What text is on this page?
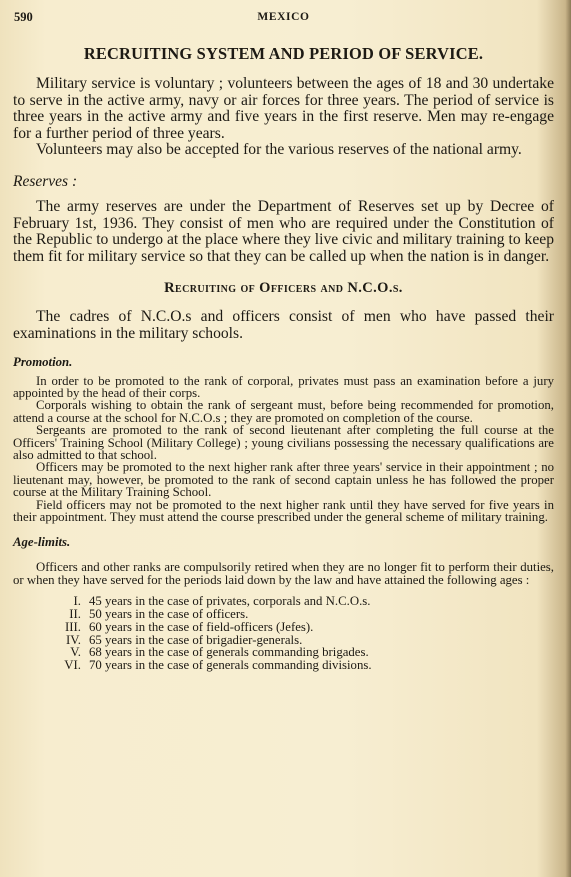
590	MEXICO
RECRUITING SYSTEM AND PERIOD OF SERVICE.

Military service is voluntary ; volunteers between the ages of 18 and 30 undertake to serve in the active army, navy or air forces for three years. The period of service is three years in the active army and five years in the first reserve. Men may re-engage for a further period of three years.

Volunteers may also be accepted for the various reserves of the national army.

Reserves :

The army reserves are under the Department of Reserves set up by Decree of February 1st, 1936. They consist of men who are required under the Constitution of the Republic to undergo at the place where they live civic and military training to keep them fit for military service so that they can be called up when the nation is in danger.

Recruiting of Officers and N.C.O.s.

The cadres of N.C.O.s and officers consist of men who have passed their examinations in the military schools.

Promotion.

In order to be promoted to the rank of corporal, privates must pass an examination before a jury appointed by the head of their corps.

Corporals wishing to obtain the rank of sergeant must, before being recommended for promotion, attend a course at the school for N.C.O.s ; they are promoted on completion of the course.

Sergeants are promoted to the rank of second lieutenant after completing the full course at the Officers' Training School (Military College) ; young civilians possessing the necessary qualifications are also admitted to that school.

Officers may be promoted to the next higher rank after three years' service in their appointment ; no lieutenant may, however, be promoted to the rank of second captain unless he has followed the proper course at the Military Training School.

Field officers may not be promoted to the next higher rank until they have served for five years in their appointment. They must attend the course prescribed under the general scheme of military training.

Age-limits.

Officers and other ranks are compulsorily retired when they are no longer fit to perform their duties, or when they have served for the periods laid down by the law and have attained the following ages :

I. 45 years in the case of privates, corporals and N.C.O.s.
II. 50 years in the case of officers.
III. 60 years in the case of field-officers (Jefes).
IV. 65 years in the case of brigadier-generals.
V. 68 years in the case of generals commanding brigades.
VI. 70 years in the case of generals commanding divisions.
